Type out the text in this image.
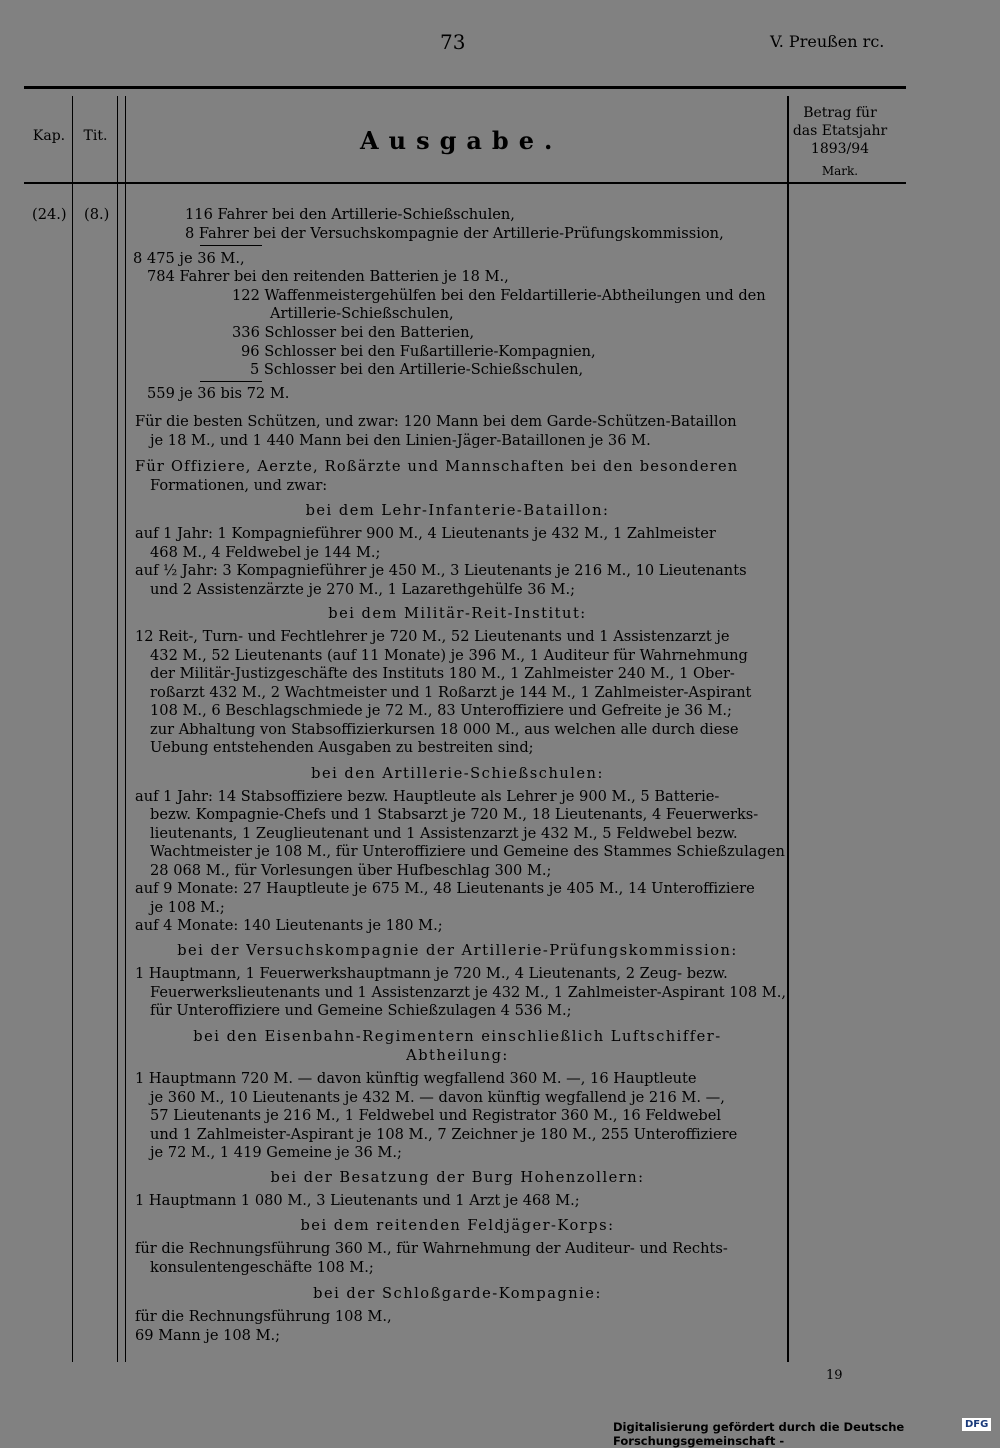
73	V. Preußen rc.
Kap.	Tit.	Ausgabe.
Betrag für
das Etatsjahr
1893/94
Mark.
(24.) (8.)	116 Fahrer bei den Artillerie-Schießschulen,
8 Fahrer bei der Versuchskompagnie der Artillerie-Prüfungskommission,
8 475 je 36 M.,
784 Fahrer bei den reitenden Batterien je 18 M.,
122 Waffenmeistergehülfen bei den Feldartillerie-Abtheilungen und den
Artillerie-Schießschulen,
336 Schlosser bei den Batterien,
96 Schlosser bei den Fußartillerie-Kompagnien,
5 Schlosser bei den Artillerie-Schießschulen,
559 je 36 bis 72 M.
Für die besten Schützen, und zwar: 120 Mann bei dem Garde-Schützen-Bataillon
je 18 M., und 1 440 Mann bei den Linien-Jäger-Bataillonen je 36 M.
Für Offiziere, Aerzte, Roßärzte und Mannschaften bei den besonderen
Formationen, und zwar:
bei dem Lehr-Infanterie-Bataillon:
auf 1 Jahr: 1 Kompagnieführer 900 M., 4 Lieutenants je 432 M., 1 Zahlmeister
468 M., 4 Feldwebel je 144 M.;
auf ½ Jahr: 3 Kompagnieführer je 450 M., 3 Lieutenants je 216 M., 10 Lieutenants
und 2 Assistenzärzte je 270 M., 1 Lazarethgehülfe 36 M.;
bei dem Militär-Reit-Institut:
12 Reit-, Turn- und Fechtlehrer je 720 M., 52 Lieutenants und 1 Assistenzarzt je
432 M., 52 Lieutenants (auf 11 Monate) je 396 M., 1 Auditeur für Wahrnehmung
der Militär-Justizgeschäfte des Instituts 180 M., 1 Zahlmeister 240 M., 1 Ober-
roßarzt 432 M., 2 Wachtmeister und 1 Roßarzt je 144 M., 1 Zahlmeister-Aspirant
108 M., 6 Beschlagschmiede je 72 M., 83 Unteroffiziere und Gefreite je 36 M.;
zur Abhaltung von Stabsoffizierkursen 18 000 M., aus welchen alle durch diese
Uebung entstehenden Ausgaben zu bestreiten sind;
bei den Artillerie-Schießschulen:
auf 1 Jahr: 14 Stabsoffiziere bezw. Hauptleute als Lehrer je 900 M., 5 Batterie-
bezw. Kompagnie-Chefs und 1 Stabsarzt je 720 M., 18 Lieutenants, 4 Feuerwerks-
lieutenants, 1 Zeuglieutenant und 1 Assistenzarzt je 432 M., 5 Feldwebel bezw.
Wachtmeister je 108 M., für Unteroffiziere und Gemeine des Stammes Schießzulagen
28 068 M., für Vorlesungen über Hufbeschlag 300 M.;
auf 9 Monate: 27 Hauptleute je 675 M., 48 Lieutenants je 405 M., 14 Unteroffiziere
je 108 M.;
auf 4 Monate: 140 Lieutenants je 180 M.;
bei der Versuchskompagnie der Artillerie-Prüfungskommission:
1 Hauptmann, 1 Feuerwerkshauptmann je 720 M., 4 Lieutenants, 2 Zeug- bezw.
Feuerwerkslieutenants und 1 Assistenzarzt je 432 M., 1 Zahlmeister-Aspirant 108 M.,
für Unteroffiziere und Gemeine Schießzulagen 4 536 M.;
bei den Eisenbahn-Regimentern einschließlich Luftschiffer-
Abtheilung:
1 Hauptmann 720 M. — davon künftig wegfallend 360 M. —, 16 Hauptleute
je 360 M., 10 Lieutenants je 432 M. — davon künftig wegfallend je 216 M. —,
57 Lieutenants je 216 M., 1 Feldwebel und Registrator 360 M., 16 Feldwebel
und 1 Zahlmeister-Aspirant je 108 M., 7 Zeichner je 180 M., 255 Unteroffiziere
je 72 M., 1 419 Gemeine je 36 M.;
bei der Besatzung der Burg Hohenzollern:
1 Hauptmann 1 080 M., 3 Lieutenants und 1 Arzt je 468 M.;
bei dem reitenden Feldjäger-Korps:
für die Rechnungsführung 360 M., für Wahrnehmung der Auditeur- und Rechts-
konsulentengeschäfte 108 M.;
bei der Schloßgarde-Kompagnie:
für die Rechnungsführung 108 M.,
69 Mann je 108 M.;
19
Digitalisierung gefördert durch die Deutsche Forschungsgemeinschaft -
DFG
